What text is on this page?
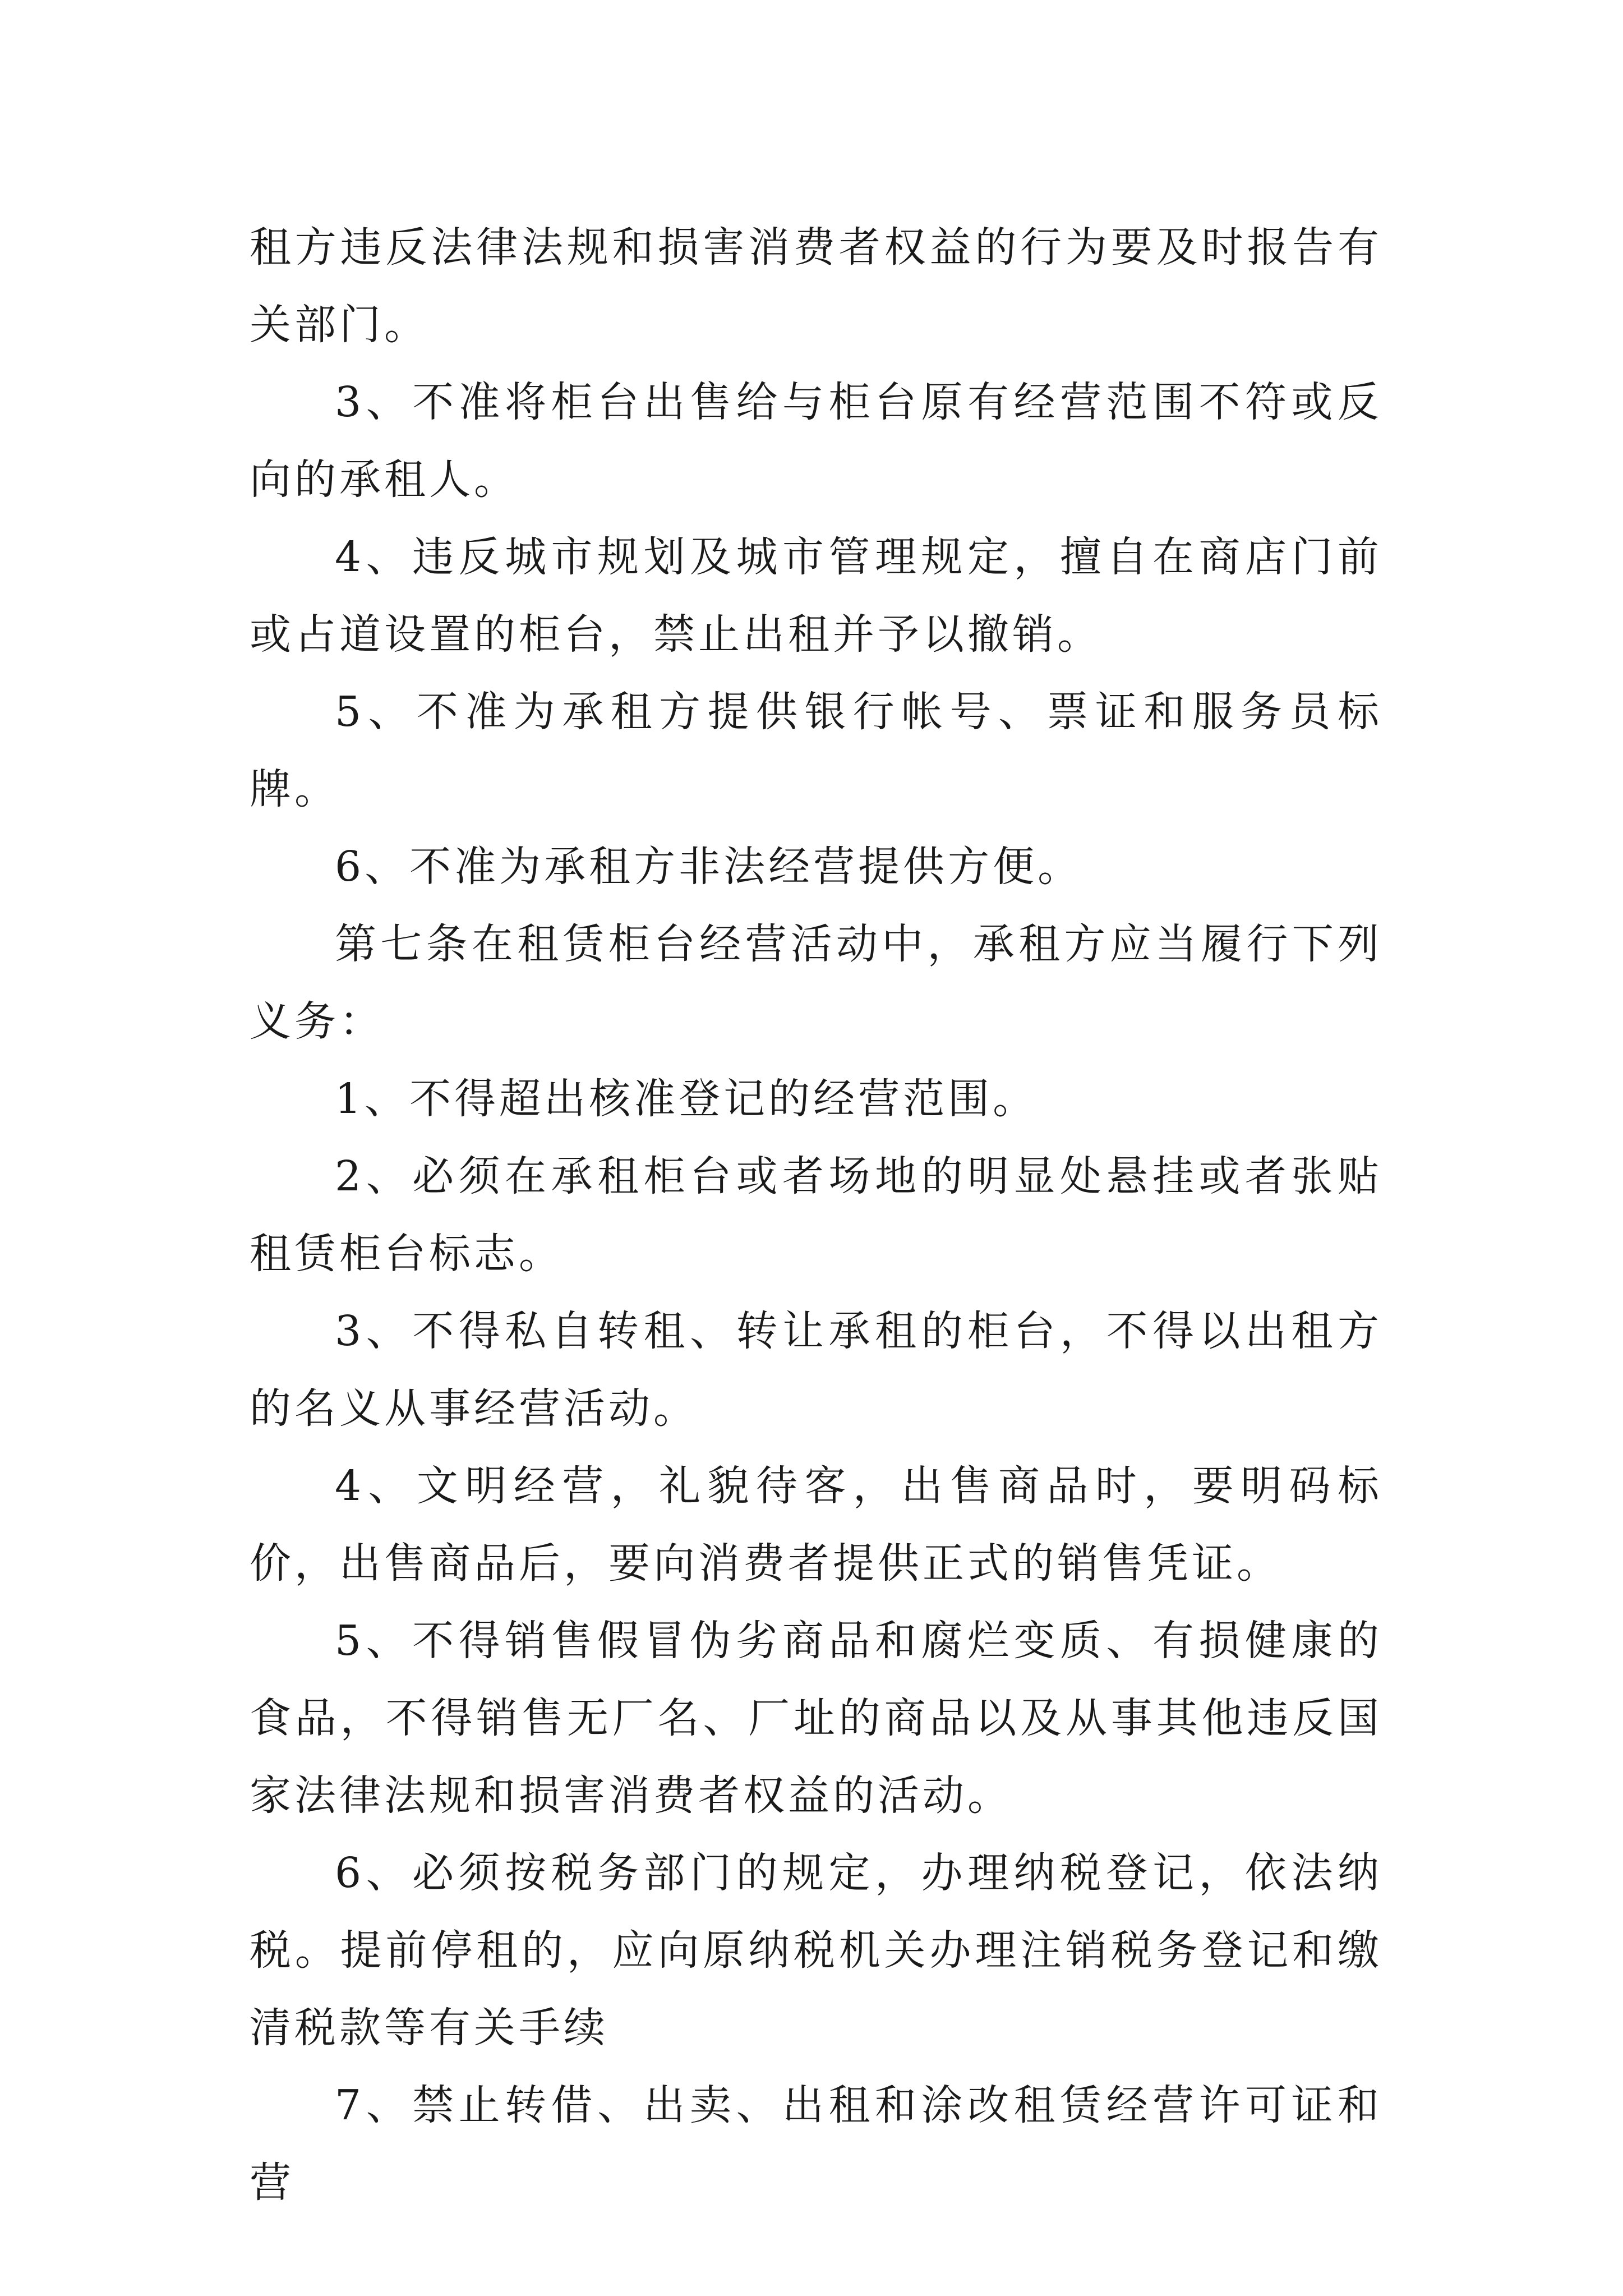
租方违反法律法规和损害消费者权益的行为要及时报告有关部门。

3、不准将柜台出售给与柜台原有经营范围不符或反向的承租人。

4、违反城市规划及城市管理规定，擅自在商店门前或占道设置的柜台，禁止出租并予以撤销。

5、不准为承租方提供银行帐号、票证和服务员标牌。

6、不准为承租方非法经营提供方便。

第七条在租赁柜台经营活动中，承租方应当履行下列义务：

1、不得超出核准登记的经营范围。

2、必须在承租柜台或者场地的明显处悬挂或者张贴租赁柜台标志。

3、不得私自转租、转让承租的柜台，不得以出租方的名义从事经营活动。

4、文明经营，礼貌待客，出售商品时，要明码标价，出售商品后，要向消费者提供正式的销售凭证。

5、不得销售假冒伪劣商品和腐烂变质、有损健康的食品，不得销售无厂名、厂址的商品以及从事其他违反国家法律法规和损害消费者权益的活动。

6、必须按税务部门的规定，办理纳税登记，依法纳税。提前停租的，应向原纳税机关办理注销税务登记和缴清税款等有关手续

7、禁止转借、出卖、出租和涂改租赁经营许可证和营
